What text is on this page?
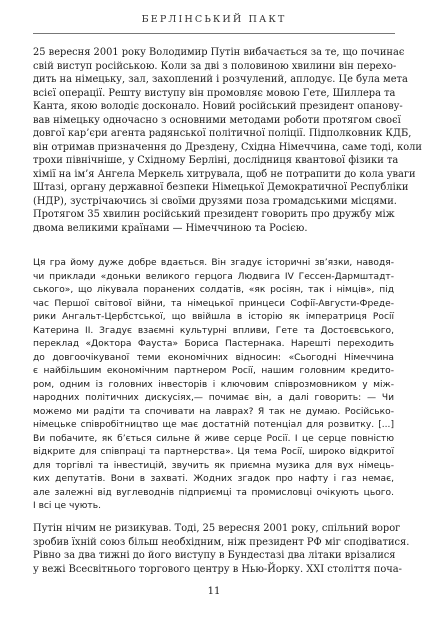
БЕРЛІНСЬКИЙ ПАКТ
25 вересня 2001 року Володимир Путін вибачається за те, що починає
свій виступ російською. Коли за дві з половиною хвилини він перехо-
дить на німецьку, зал, захоплений і розчулений, аплодує. Це була мета
всієї операції. Решту виступу він промовляє мовою Гете, Шиллера та
Канта, якою володіє досконало. Новий російський президент опанову-
вав німецьку одночасно з основними методами роботи протягом своєї
довгої кар’єри агента радянської політичної поліції. Підполковник КДБ,
він отримав призначення до Дрездену, Східна Німеччина, саме тоді, коли
трохи північніше, у Східному Берліні, дослідниця квантової фізики та
хімії на ім’я Ангела Меркель хитрувала, щоб не потрапити до кола уваги
Штазі, органу державної безпеки Німецької Демократичної Республіки
(НДР), зустрічаючись зі своїми друзями поза громадськими місцями.
Протягом 35 хвилин російський президент говорить про дружбу між
двома великими країнами — Німеччиною та Росією.
Ця гра йому дуже добре вдається. Він згадує історичні зв’язки, наводя-
чи приклади «доньки великого герцога Людвига IV Гессен-Дармштадт-
ського», що лікувала поранених солдатів, «як росіян, так і німців», під
час Першої світової війни, та німецької принцеси Софії-Августи-Фреде-
рики Ангальт-Цербстської, що ввійшла в історію як імператриця Росії
Катерина II. Згадує взаємні культурні впливи, Гете та Достоєвського,
переклад «Доктора Фауста» Бориса Пастернака. Нарешті переходить
до довгоочікуваної теми економічних відносин: «Сьогодні Німеччина
є найбільшим економічним партнером Росії, нашим головним кредито-
ром, одним із головних інвесторів і ключовим співрозмовником у між-
народних політичних дискусіях,— почимає він, а далі говорить: — Чи
можемо ми радіти та спочивати на лаврах? Я так не думаю. Російсько-
німецьке співробітництво ще має достатній потенціал для розвитку. [...]
Ви побачите, як б’ється сильне й живе серце Росії. І це серце повністю
відкрите для співпраці та партнерства». Ця тема Росії, широко відкритої
для торгівлі та інвестицій, звучить як приємна музика для вух німець-
ких депутатів. Вони в захваті. Жодних згадок про нафту і газ немає,
але залежні від вуглеводнів підприємці та промисловці очікують цього.
І всі це чують.
Путін нічим не ризикував. Тоді, 25 вересня 2001 року, спільний ворог
зробив їхній союз більш необхідним, ніж президент РФ міг сподіватися.
Рівно за два тижні до його виступу в Бундестазі два літаки врізалися
у вежі Всесвітнього торгового центру в Нью-Йорку. XXI століття поча-
11
